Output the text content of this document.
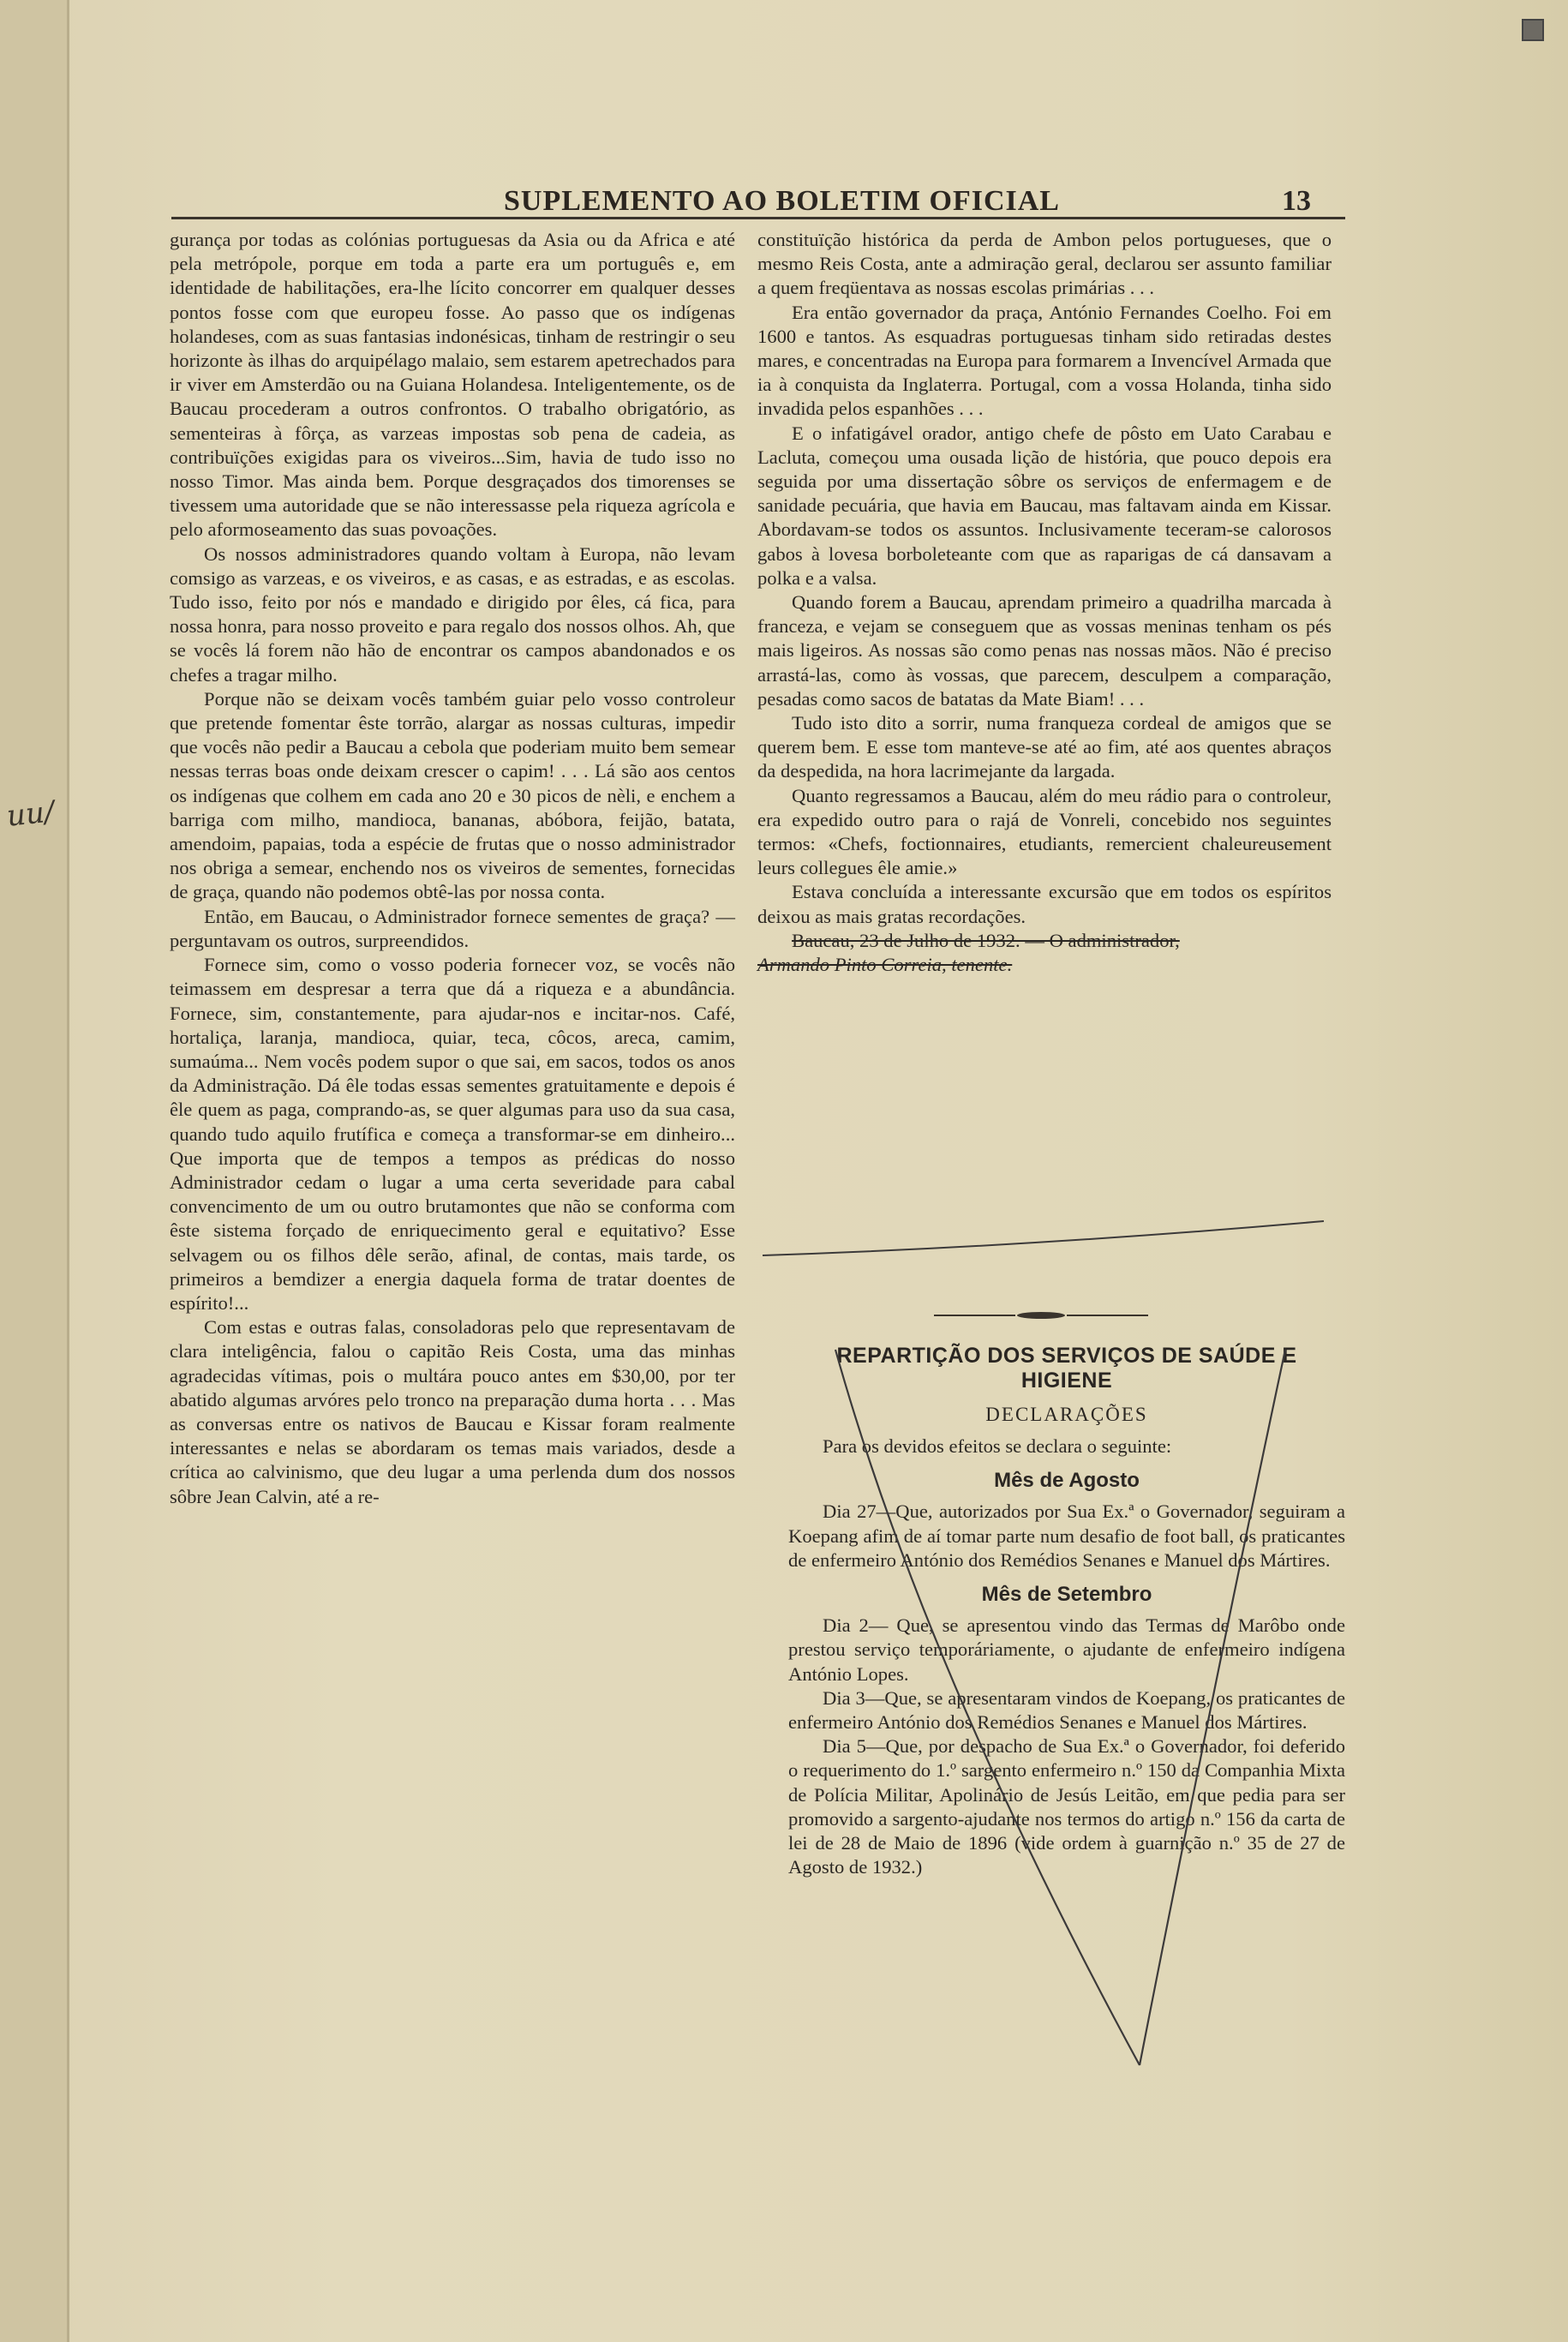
uu/
SUPLEMENTO AO BOLETIM OFICIAL	13

gurança por todas as colónias portuguesas da Asia ou da Africa e até pela metrópole, porque em toda a parte era um português e, em identidade de habilitações, era-lhe lícito concorrer em qualquer desses pontos fosse com que europeu fosse. Ao passo que os indígenas holandeses, com as suas fantasias indonésicas, tinham de restringir o seu horizonte às ilhas do arquipélago malaio, sem estarem apetrechados para ir viver em Amsterdão ou na Guiana Holandesa. Inteligentemente, os de Baucau procederam a outros confrontos. O trabalho obrigatório, as sementeiras à fôrça, as varzeas impostas sob pena de cadeia, as contribuïções exigidas para os viveiros...Sim, havia de tudo isso no nosso Timor. Mas ainda bem. Porque desgraçados dos timorenses se tivessem uma autoridade que se não interessasse pela riqueza agrícola e pelo aformoseamento das suas povoações.

Os nossos administradores quando voltam à Europa, não levam comsigo as varzeas, e os viveiros, e as casas, e as estradas, e as escolas. Tudo isso, feito por nós e mandado e dirigido por êles, cá fica, para nossa honra, para nosso proveito e para regalo dos nossos olhos. Ah, que se vocês lá forem não hão de encontrar os campos abandonados e os chefes a tragar milho.

Porque não se deixam vocês também guiar pelo vosso controleur que pretende fomentar êste torrão, alargar as nossas culturas, impedir que vocês não pedir a Baucau a cebola que poderiam muito bem semear nessas terras boas onde deixam crescer o capim! . . . Lá são aos centos os indígenas que colhem em cada ano 20 e 30 picos de nèli, e enchem a barriga com milho, mandioca, bananas, abóbora, feijão, batata, amendoim, papaias, toda a espécie de frutas que o nosso administrador nos obriga a semear, enchendo nos os viveiros de sementes, fornecidas de graça, quando não podemos obtê-las por nossa conta.

Então, em Baucau, o Administrador fornece sementes de graça? — perguntavam os outros, surpreendidos.

Fornece sim, como o vosso poderia fornecer voz, se vocês não teimassem em despresar a terra que dá a riqueza e a abundância. Fornece, sim, constantemente, para ajudar-nos e incitar-nos. Café, hortaliça, laranja, mandioca, quiar, teca, côcos, areca, camim, sumaúma... Nem vocês podem supor o que sai, em sacos, todos os anos da Administração. Dá êle todas essas sementes gratuitamente e depois é êle quem as paga, comprando-as, se quer algumas para uso da sua casa, quando tudo aquilo frutífica e começa a transformar-se em dinheiro... Que importa que de tempos a tempos as prédicas do nosso Administrador cedam o lugar a uma certa severidade para cabal convencimento de um ou outro brutamontes que não se conforma com êste sistema forçado de enriquecimento geral e equitativo? Esse selvagem ou os filhos dêle serão, afinal, de contas, mais tarde, os primeiros a bemdizer a energia daquela forma de tratar doentes de espírito!...

Com estas e outras falas, consoladoras pelo que representavam de clara inteligência, falou o capitão Reis Costa, uma das minhas agradecidas vítimas, pois o multára pouco antes em $30,00, por ter abatido algumas arvóres pelo tronco na preparação duma horta . . . Mas as conversas entre os nativos de Baucau e Kissar foram realmente interessantes e nelas se abordaram os temas mais variados, desde a crítica ao calvinismo, que deu lugar a uma perlenda dum dos nossos sôbre Jean Calvin, até a re-

constituïção histórica da perda de Ambon pelos portugueses, que o mesmo Reis Costa, ante a admiração geral, declarou ser assunto familiar a quem freqüentava as nossas escolas primárias . . .

Era então governador da praça, António Fernandes Coelho. Foi em 1600 e tantos. As esquadras portuguesas tinham sido retiradas destes mares, e concentradas na Europa para formarem a Invencível Armada que ia à conquista da Inglaterra. Portugal, com a vossa Holanda, tinha sido invadida pelos espanhões . . .

E o infatigável orador, antigo chefe de pôsto em Uato Carabau e Lacluta, começou uma ousada lição de história, que pouco depois era seguida por uma dissertação sôbre os serviços de enfermagem e de sanidade pecuária, que havia em Baucau, mas faltavam ainda em Kissar. Abordavam-se todos os assuntos. Inclusivamente teceram-se calorosos gabos à lovesa borboleteante com que as raparigas de cá dansavam a polka e a valsa.

Quando forem a Baucau, aprendam primeiro a quadrilha marcada à franceza, e vejam se conseguem que as vossas meninas tenham os pés mais ligeiros. As nossas são como penas nas nossas mãos. Não é preciso arrastá-las, como às vossas, que parecem, desculpem a comparação, pesadas como sacos de batatas da Mate Biam! . . .

Tudo isto dito a sorrir, numa franqueza cordeal de amigos que se querem bem. E esse tom manteve-se até ao fim, até aos quentes abraços da despedida, na hora lacrimejante da largada.

Quanto regressamos a Baucau, além do meu rádio para o controleur, era expedido outro para o rajá de Vonreli, concebido nos seguintes termos: «Chefs, foctionnaires, etudiants, remercient chaleureusement leurs collegues êle amie.»

Estava concluída a interessante excursão que em todos os espíritos deixou as mais gratas recordações.

Baucau, 23 de Julho de 1932. — O administrador,

Armando Pinto Correia, tenente.

REPARTIÇÃO DOS SERVIÇOS DE SAÚDE E HIGIENE
DECLARAÇÕES

Para os devidos efeitos se declara o seguinte:

Mês de Agosto

Dia 27—Que, autorizados por Sua Ex.ª o Governador, seguiram a Koepang afim de aí tomar parte num desafio de foot ball, os praticantes de enfermeiro António dos Remédios Senanes e Manuel dos Mártires.

Mês de Setembro

Dia 2— Que, se apresentou vindo das Termas de Marôbo onde prestou serviço temporáriamente, o ajudante de enfermeiro indígena António Lopes.

Dia 3—Que, se apresentaram vindos de Koepang, os praticantes de enfermeiro António dos Remédios Senanes e Manuel dos Mártires.

Dia 5—Que, por despacho de Sua Ex.ª o Governador, foi deferido o requerimento do 1.º sargento enfermeiro n.º 150 da Companhia Mixta de Polícia Militar, Apolinário de Jesús Leitão, em que pedia para ser promovido a sargento-ajudante nos termos do artigo n.º 156 da carta de lei de 28 de Maio de 1896 (vide ordem à guarnição n.º 35 de 27 de Agosto de 1932.)
